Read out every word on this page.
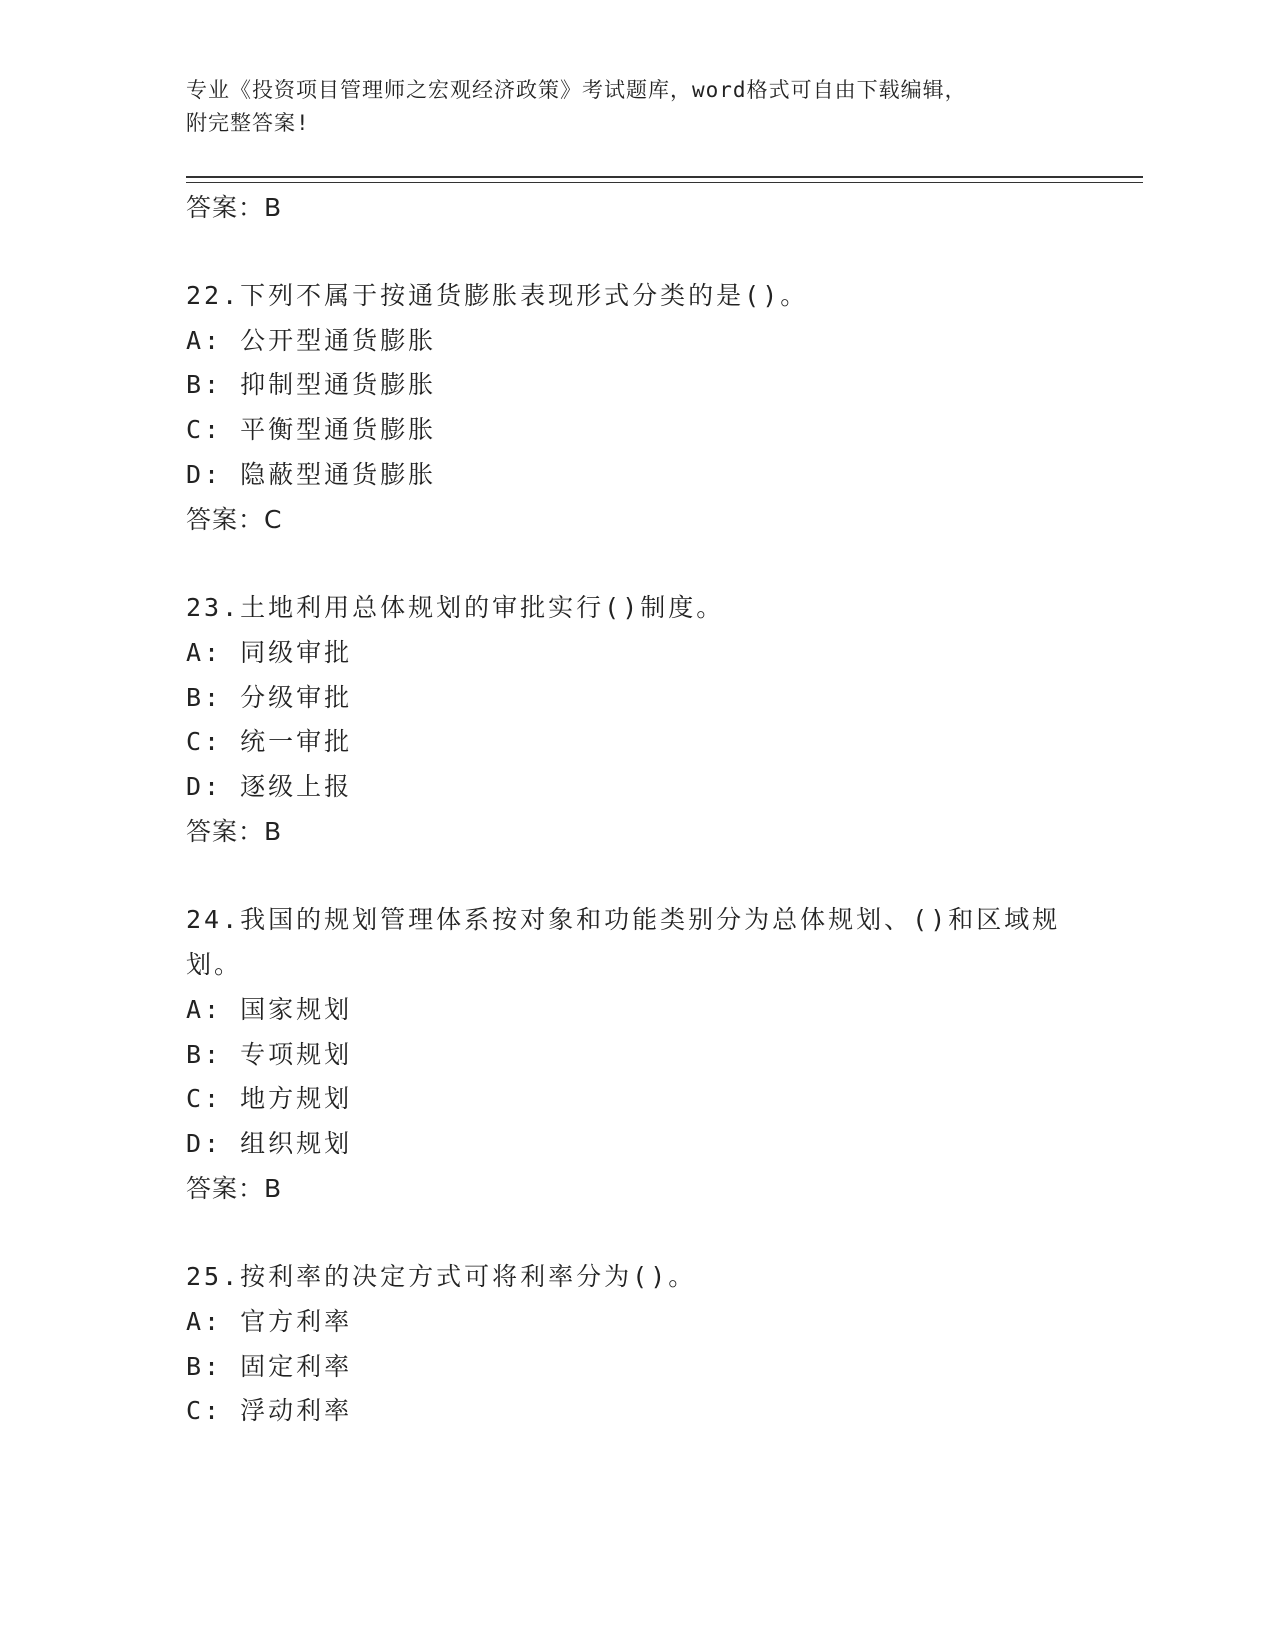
专业《投资项目管理师之宏观经济政策》考试题库，word格式可自由下载编辑，
附完整答案!
答案：B
22.下列不属于按通货膨胀表现形式分类的是()。
A: 公开型通货膨胀
B: 抑制型通货膨胀
C: 平衡型通货膨胀
D: 隐蔽型通货膨胀
答案：C
23.土地利用总体规划的审批实行()制度。
A: 同级审批
B: 分级审批
C: 统一审批
D: 逐级上报
答案：B
24.我国的规划管理体系按对象和功能类别分为总体规划、()和区域规
划。
A: 国家规划
B: 专项规划
C: 地方规划
D: 组织规划
答案：B
25.按利率的决定方式可将利率分为()。
A: 官方利率
B: 固定利率
C: 浮动利率
